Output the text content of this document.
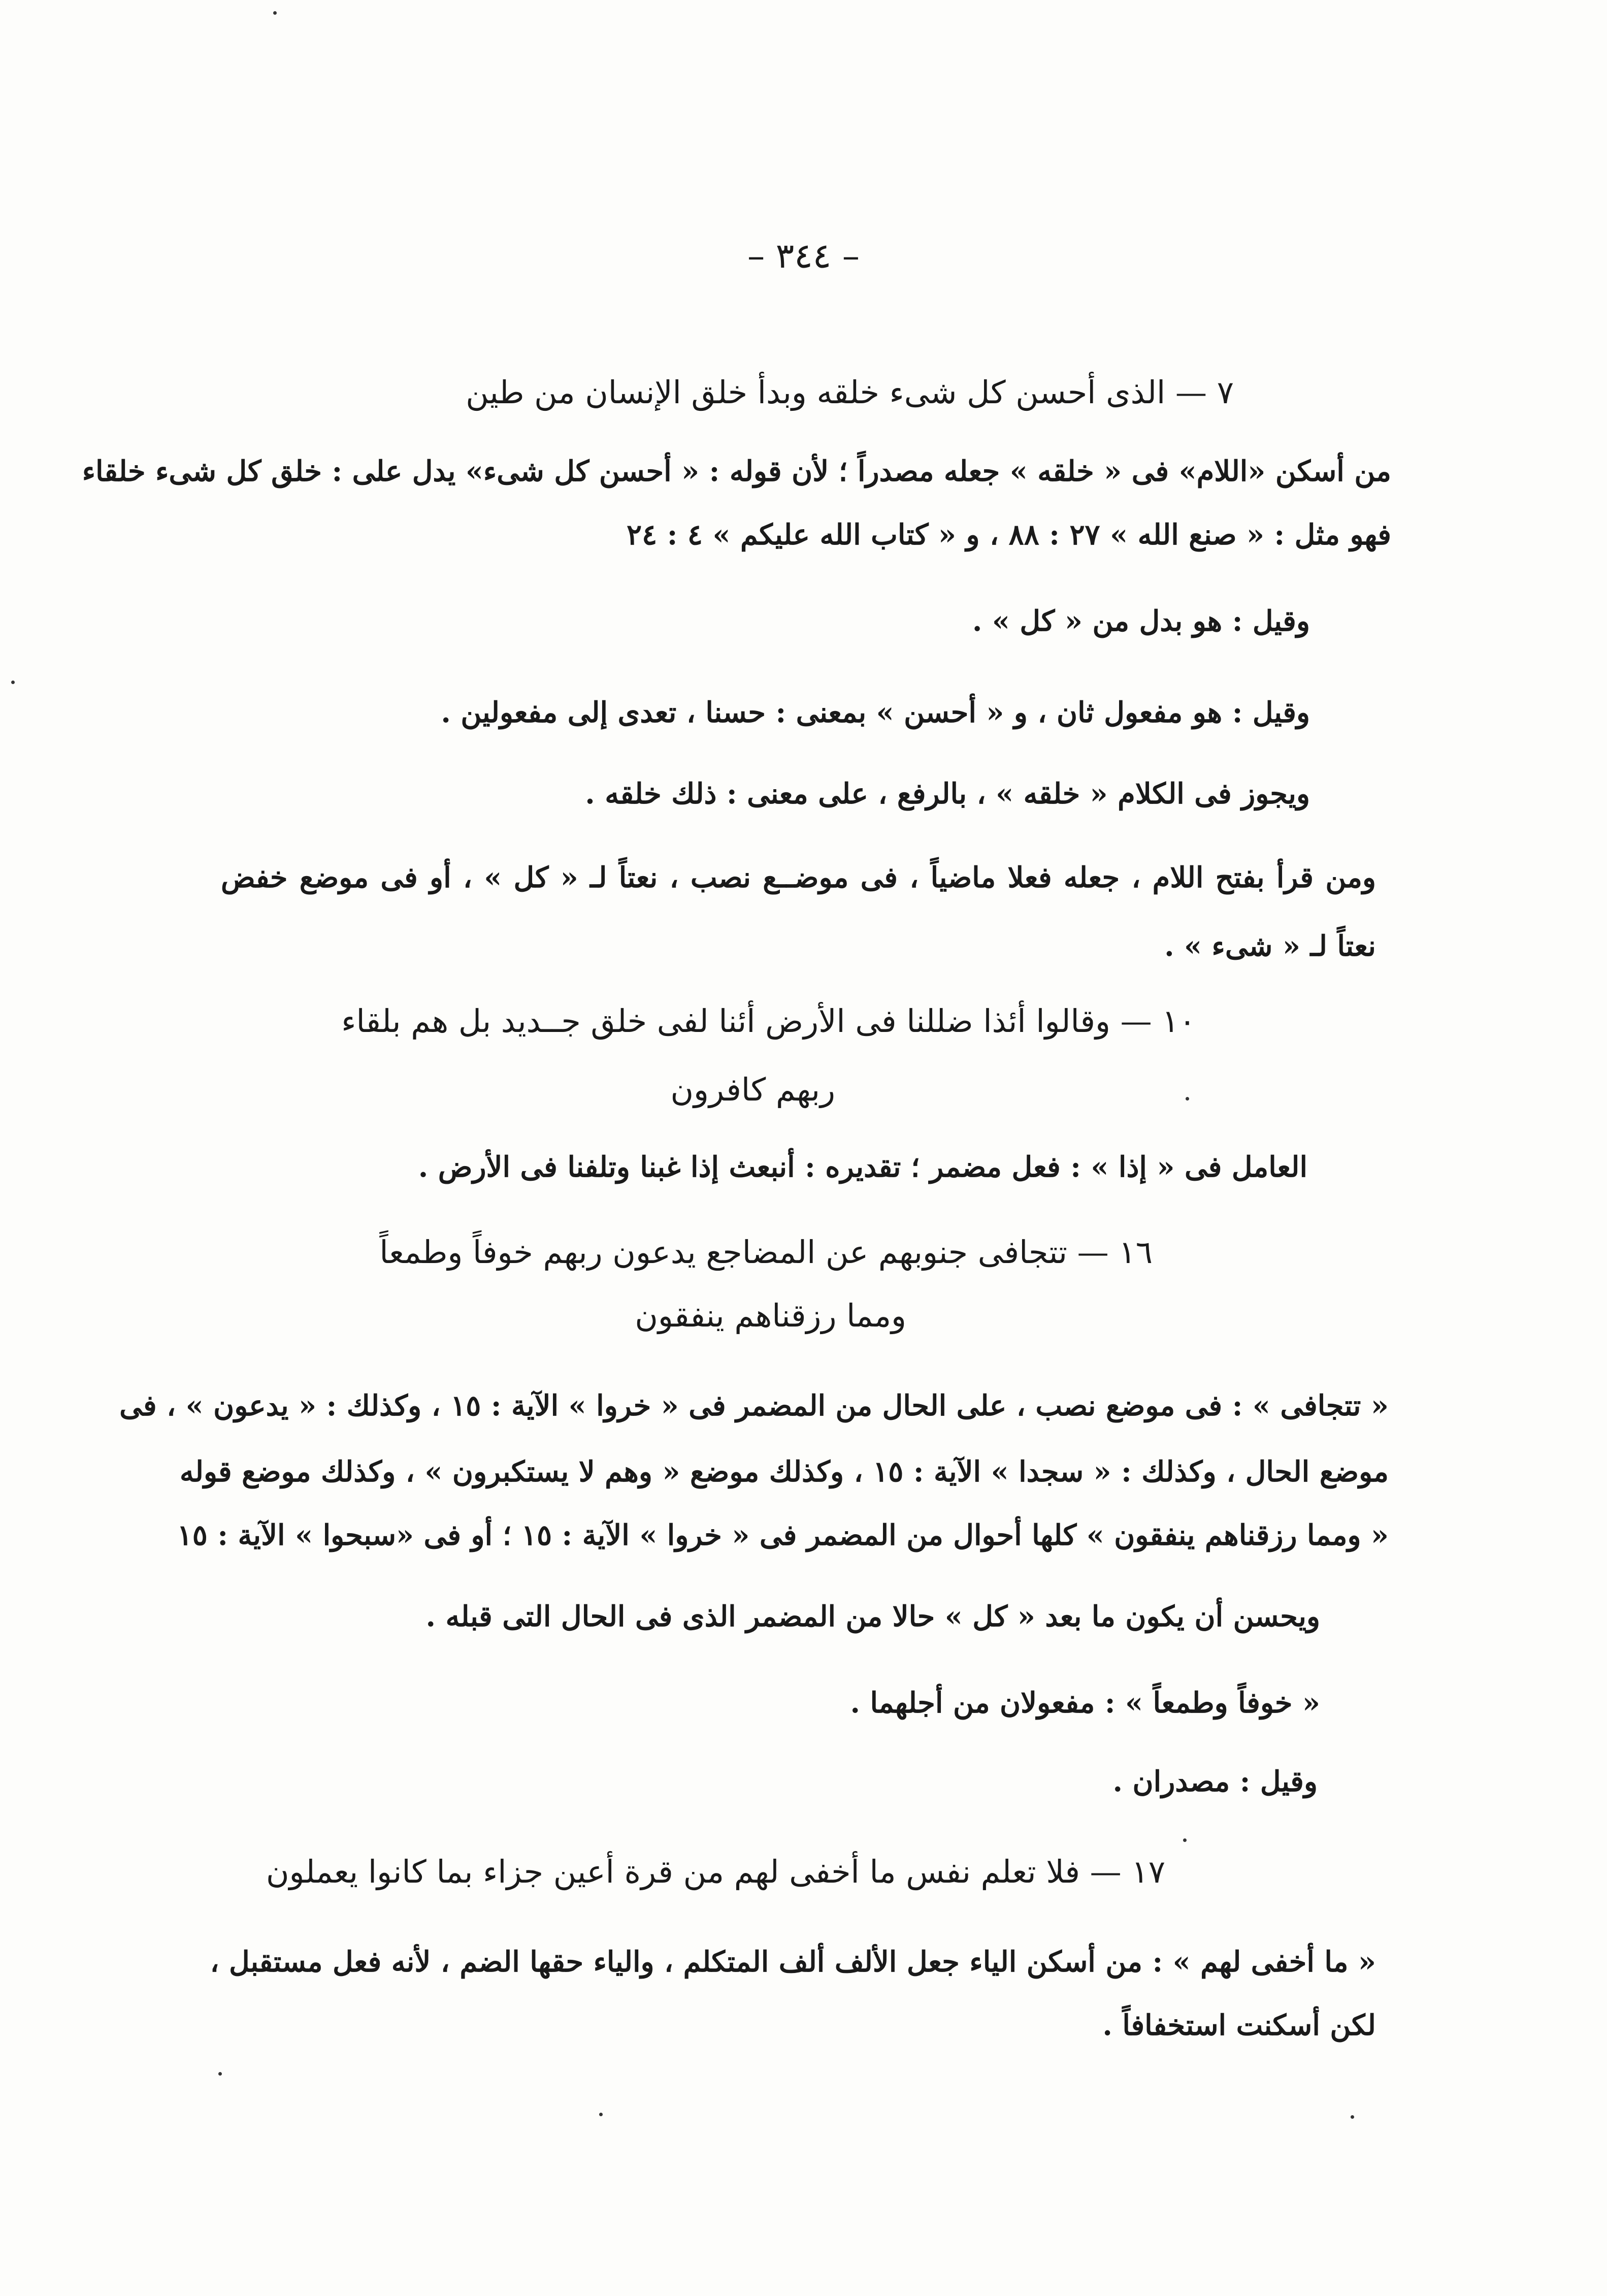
– ٣٤٤ –
٧ — الذى أحسن كل شىء خلقه وبدأ خلق الإنسان من طين
من أسكن «اللام» فى « خلقه » جعله مصدراً ؛ لأن قوله : « أحسن كل شىء» يدل على : خلق كل شىء خلقاء
فهو مثل : « صنع الله » ٢٧ : ٨٨ ، و « كتاب الله عليكم » ٤ : ٢٤
وقيل : هو بدل من « كل » .
وقيل : هو مفعول ثان ، و « أحسن » بمعنى : حسنا ، تعدى إلى مفعولين .
ويجوز فى الكلام « خلقه » ، بالرفع ، على معنى : ذلك خلقه .
ومن قرأ بفتح اللام ، جعله فعلا ماضياً ، فى موضــع نصب ، نعتاً لـ « كل » ، أو فى موضع خفض
نعتاً لـ « شىء » .
١٠ — وقالوا أئذا ضللنا فى الأرض أئنا لفى خلق جــديد بل هم بلقاء
ربهم كافرون
العامل فى « إذا » : فعل مضمر ؛ تقديره : أنبعث إذا غبنا وتلفنا فى الأرض .
١٦ — تتجافى جنوبهم عن المضاجع يدعون ربهم خوفاً وطمعاً
ومما رزقناهم ينفقون
« تتجافى » : فى موضع نصب ، على الحال من المضمر فى « خروا » الآية : ١٥ ، وكذلك : « يدعون » ، فى
موضع الحال ، وكذلك : « سجدا » الآية : ١٥ ، وكذلك موضع « وهم لا يستكبرون » ، وكذلك موضع قوله
« ومما رزقناهم ينفقون » كلها أحوال من المضمر فى « خروا » الآية : ١٥ ؛ أو فى «سبحوا » الآية : ١٥
ويحسن أن يكون ما بعد « كل » حالا من المضمر الذى فى الحال التى قبله .
« خوفاً وطمعاً » : مفعولان من أجلهما .
وقيل : مصدران .
١٧ — فلا تعلم نفس ما أخفى لهم من قرة أعين جزاء بما كانوا يعملون
« ما أخفى لهم » : من أسكن الياء جعل الألف ألف المتكلم ، والياء حقها الضم ، لأنه فعل مستقبل ،
لكن أسكنت استخفافاً .
